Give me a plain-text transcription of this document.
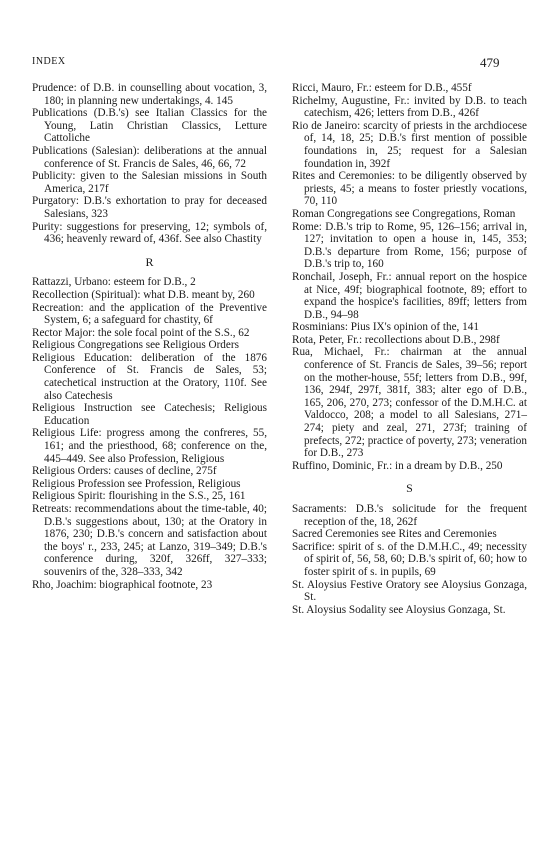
INDEX	479

Prudence: of D.B. in counselling about vocation, 3, 180; in planning new undertakings, 4. 145

Publications (D.B.'s) see Italian Classics for the Young, Latin Christian Classics, Letture Cattoliche

Publications (Salesian): deliberations at the annual conference of St. Francis de Sales, 46, 66, 72

Publicity: given to the Salesian missions in South America, 217f

Purgatory: D.B.'s exhortation to pray for deceased Salesians, 323

Purity: suggestions for preserving, 12; symbols of, 436; heavenly reward of, 436f. See also Chastity

R

Rattazzi, Urbano: esteem for D.B., 2

Recollection (Spiritual): what D.B. meant by, 260

Recreation: and the application of the Preventive System, 6; a safeguard for chastity, 6f

Rector Major: the sole focal point of the S.S., 62

Religious Congregations see Religious Orders

Religious Education: deliberation of the 1876 Conference of St. Francis de Sales, 53; catechetical instruction at the Oratory, 110f. See also Catechesis

Religious Instruction see Catechesis; Religious Education

Religious Life: progress among the confreres, 55, 161; and the priesthood, 68; conference on the, 445–449. See also Profession, Religious

Religious Orders: causes of decline, 275f

Religious Profession see Profession, Religious

Religious Spirit: flourishing in the S.S., 25, 161

Retreats: recommendations about the time-table, 40; D.B.'s suggestions about, 130; at the Oratory in 1876, 230; D.B.'s concern and satisfaction about the boys' r., 233, 245; at Lanzo, 319–349; D.B.'s conference during, 320f, 326ff, 327–333; souvenirs of the, 328–333, 342

Rho, Joachim: biographical footnote, 23

Ricci, Mauro, Fr.: esteem for D.B., 455f

Richelmy, Augustine, Fr.: invited by D.B. to teach catechism, 426; letters from D.B., 426f

Rio de Janeiro: scarcity of priests in the archdiocese of, 14, 18, 25; D.B.'s first mention of possible foundations in, 25; request for a Salesian foundation in, 392f

Rites and Ceremonies: to be diligently observed by priests, 45; a means to foster priestly vocations, 70, 110

Roman Congregations see Congregations, Roman

Rome: D.B.'s trip to Rome, 95, 126–156; arrival in, 127; invitation to open a house in, 145, 353; D.B.'s departure from Rome, 156; purpose of D.B.'s trip to, 160

Ronchail, Joseph, Fr.: annual report on the hospice at Nice, 49f; biographical footnote, 89; effort to expand the hospice's facilities, 89ff; letters from D.B., 94–98

Rosminians: Pius IX's opinion of the, 141

Rota, Peter, Fr.: recollections about D.B., 298f

Rua, Michael, Fr.: chairman at the annual conference of St. Francis de Sales, 39–56; report on the mother-house, 55f; letters from D.B., 99f, 136, 294f, 297f, 381f, 383; alter ego of D.B., 165, 206, 270, 273; confessor of the D.M.H.C. at Valdocco, 208; a model to all Salesians, 271–274; piety and zeal, 271, 273f; training of prefects, 272; practice of poverty, 273; veneration for D.B., 273

Ruffino, Dominic, Fr.: in a dream by D.B., 250

S

Sacraments: D.B.'s solicitude for the frequent reception of the, 18, 262f

Sacred Ceremonies see Rites and Ceremonies

Sacrifice: spirit of s. of the D.M.H.C., 49; necessity of spirit of, 56, 58, 60; D.B.'s spirit of, 60; how to foster spirit of s. in pupils, 69

St. Aloysius Festive Oratory see Aloysius Gonzaga, St.

St. Aloysius Sodality see Aloysius Gonzaga, St.
